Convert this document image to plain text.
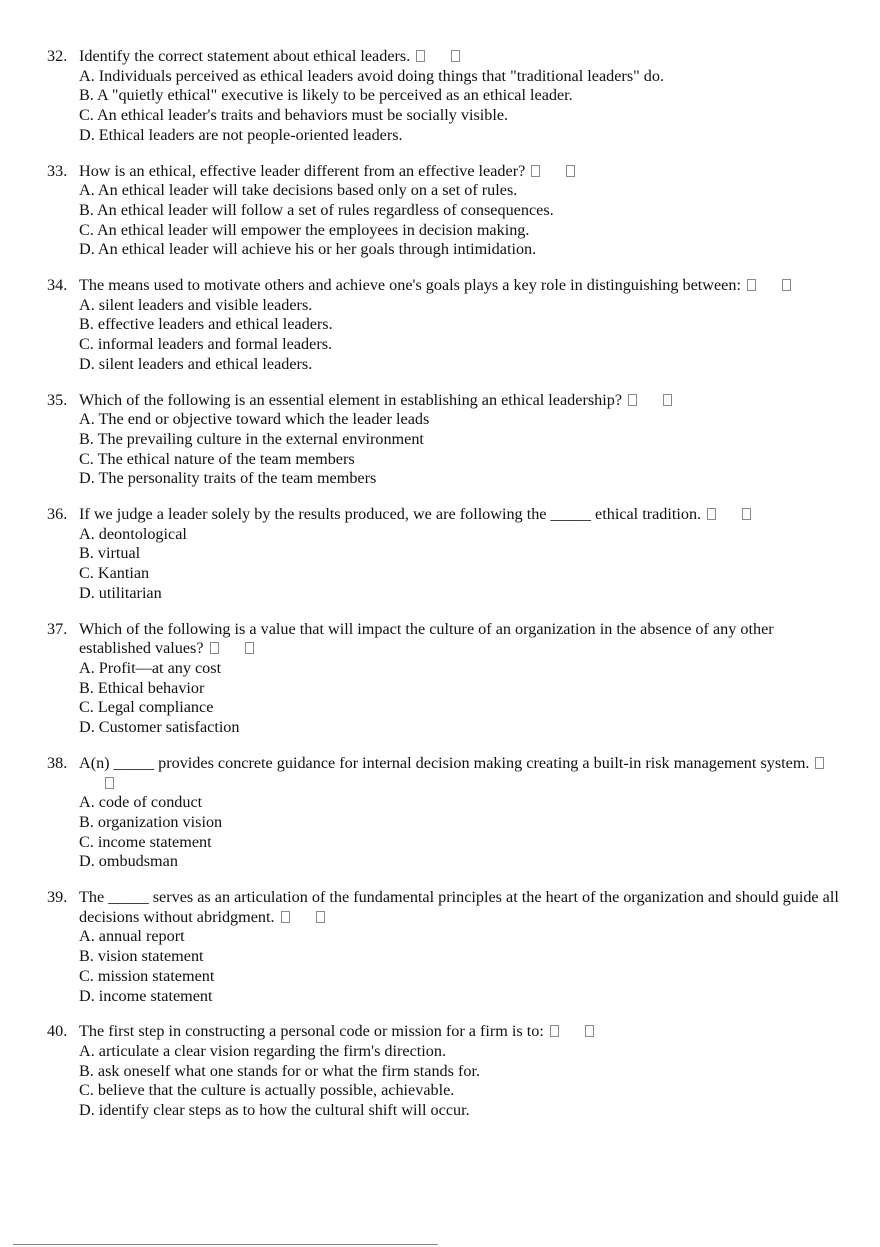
32. Identify the correct statement about ethical leaders.
A. Individuals perceived as ethical leaders avoid doing things that "traditional leaders" do.
B. A "quietly ethical" executive is likely to be perceived as an ethical leader.
C. An ethical leader's traits and behaviors must be socially visible.
D. Ethical leaders are not people-oriented leaders.
33. How is an ethical, effective leader different from an effective leader?
A. An ethical leader will take decisions based only on a set of rules.
B. An ethical leader will follow a set of rules regardless of consequences.
C. An ethical leader will empower the employees in decision making.
D. An ethical leader will achieve his or her goals through intimidation.
34. The means used to motivate others and achieve one's goals plays a key role in distinguishing between:
A. silent leaders and visible leaders.
B. effective leaders and ethical leaders.
C. informal leaders and formal leaders.
D. silent leaders and ethical leaders.
35. Which of the following is an essential element in establishing an ethical leadership?
A. The end or objective toward which the leader leads
B. The prevailing culture in the external environment
C. The ethical nature of the team members
D. The personality traits of the team members
36. If we judge a leader solely by the results produced, we are following the _____ ethical tradition.
A. deontological
B. virtual
C. Kantian
D. utilitarian
37. Which of the following is a value that will impact the culture of an organization in the absence of any other established values?
A. Profit—at any cost
B. Ethical behavior
C. Legal compliance
D. Customer satisfaction
38. A(n) _____ provides concrete guidance for internal decision making creating a built-in risk management system.
A. code of conduct
B. organization vision
C. income statement
D. ombudsman
39. The _____ serves as an articulation of the fundamental principles at the heart of the organization and should guide all decisions without abridgment.
A. annual report
B. vision statement
C. mission statement
D. income statement
40. The first step in constructing a personal code or mission for a firm is to:
A. articulate a clear vision regarding the firm's direction.
B. ask oneself what one stands for or what the firm stands for.
C. believe that the culture is actually possible, achievable.
D. identify clear steps as to how the cultural shift will occur.
